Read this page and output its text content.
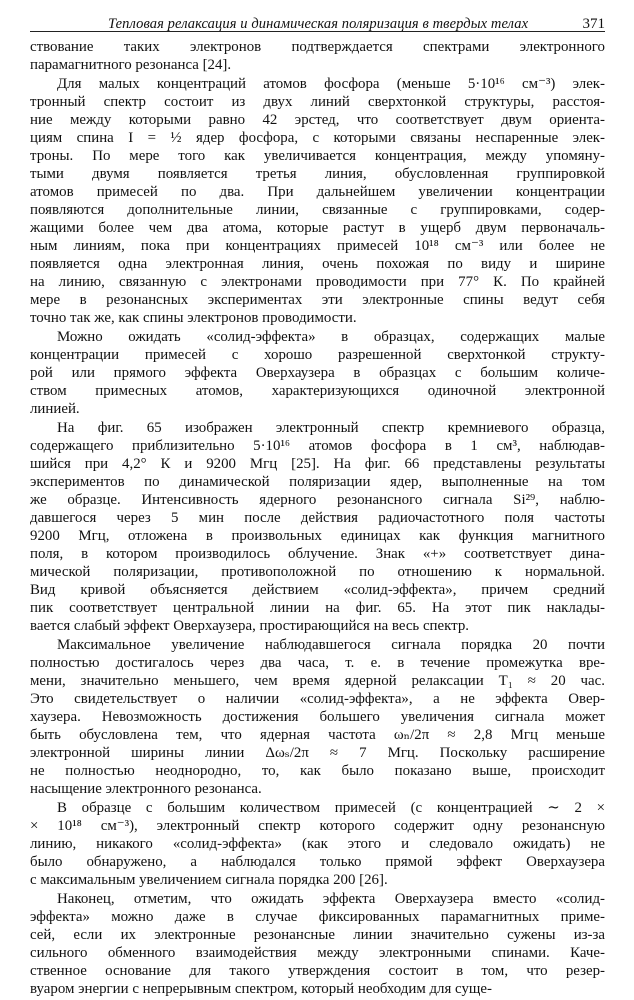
Тепловая релаксация и динамическая поляризация в твердых телах	371
ствование таких электронов подтверждается спектрами электронного
парамагнитного резонанса [24].
Для малых концентраций атомов фосфора (меньше 5·10¹⁶ см⁻³) элек-
тронный спектр состоит из двух линий сверхтонкой структуры, расстоя-
ние между которыми равно 42 эрстед, что соответствует двум ориента-
циям спина I = ½ ядер фосфора, с которыми связаны неспаренные элек-
троны. По мере того как увеличивается концентрация, между упомяну-
тыми двумя появляется третья линия, обусловленная группировкой
атомов примесей по два. При дальнейшем увеличении концентрации
появляются дополнительные линии, связанные с группировками, содер-
жащими более чем два атома, которые растут в ущерб двум первоначаль-
ным линиям, пока при концентрациях примесей 10¹⁸ см⁻³ или более не
появляется одна электронная линия, очень похожая по виду и ширине
на линию, связанную с электронами проводимости при 77° К. По крайней
мере в резонансных экспериментах эти электронные спины ведут себя
точно так же, как спины электронов проводимости.
Можно ожидать «солид-эффекта» в образцах, содержащих малые
концентрации примесей с хорошо разрешенной сверхтонкой структу-
рой или прямого эффекта Оверхаузера в образцах с большим количе-
ством примесных атомов, характеризующихся одиночной электронной
линией.
На фиг. 65 изображен электронный спектр кремниевого образца,
содержащего приблизительно 5·10¹⁶ атомов фосфора в 1 см³, наблюдав-
шийся при 4,2° К и 9200 Мгц [25]. На фиг. 66 представлены результаты
экспериментов по динамической поляризации ядер, выполненные на том
же образце. Интенсивность ядерного резонансного сигнала Si²⁹, наблю-
давшегося через 5 мин после действия радиочастотного поля частоты
9200 Мгц, отложена в произвольных единицах как функция магнитного
поля, в котором производилось облучение. Знак «+» соответствует дина-
мической поляризации, противоположной по отношению к нормальной.
Вид кривой объясняется действием «солид-эффекта», причем средний
пик соответствует центральной линии на фиг. 65. На этот пик наклады-
вается слабый эффект Оверхаузера, простирающийся на весь спектр.
Максимальное увеличение наблюдавшегося сигнала порядка 20 почти
полностью достигалось через два часа, т. е. в течение промежутка вре-
мени, значительно меньшего, чем время ядерной релаксации T₁ ≈ 20 час.
Это свидетельствует о наличии «солид-эффекта», а не эффекта Овер-
хаузера. Невозможность достижения большего увеличения сигнала может
быть обусловлена тем, что ядерная частота ωₙ/2π ≈ 2,8 Мгц меньше
электронной ширины линии Δωₛ/2π ≈ 7 Мгц. Поскольку расширение
не полностью неоднородно, то, как было показано выше, происходит
насыщение электронного резонанса.
В образце с большим количеством примесей (с концентрацией ∼ 2 ×
× 10¹⁸ см⁻³), электронный спектр которого содержит одну резонансную
линию, никакого «солид-эффекта» (как этого и следовало ожидать) не
было обнаружено, а наблюдался только прямой эффект Оверхаузера
с максимальным увеличением сигнала порядка 200 [26].
Наконец, отметим, что ожидать эффекта Оверхаузера вместо «солид-
эффекта» можно даже в случае фиксированных парамагнитных приме-
сей, если их электронные резонансные линии значительно сужены из-за
сильного обменного взаимодействия между электронными спинами. Каче-
ственное основание для такого утверждения состоит в том, что резер-
вуаром энергии с непрерывным спектром, который необходим для суще-
